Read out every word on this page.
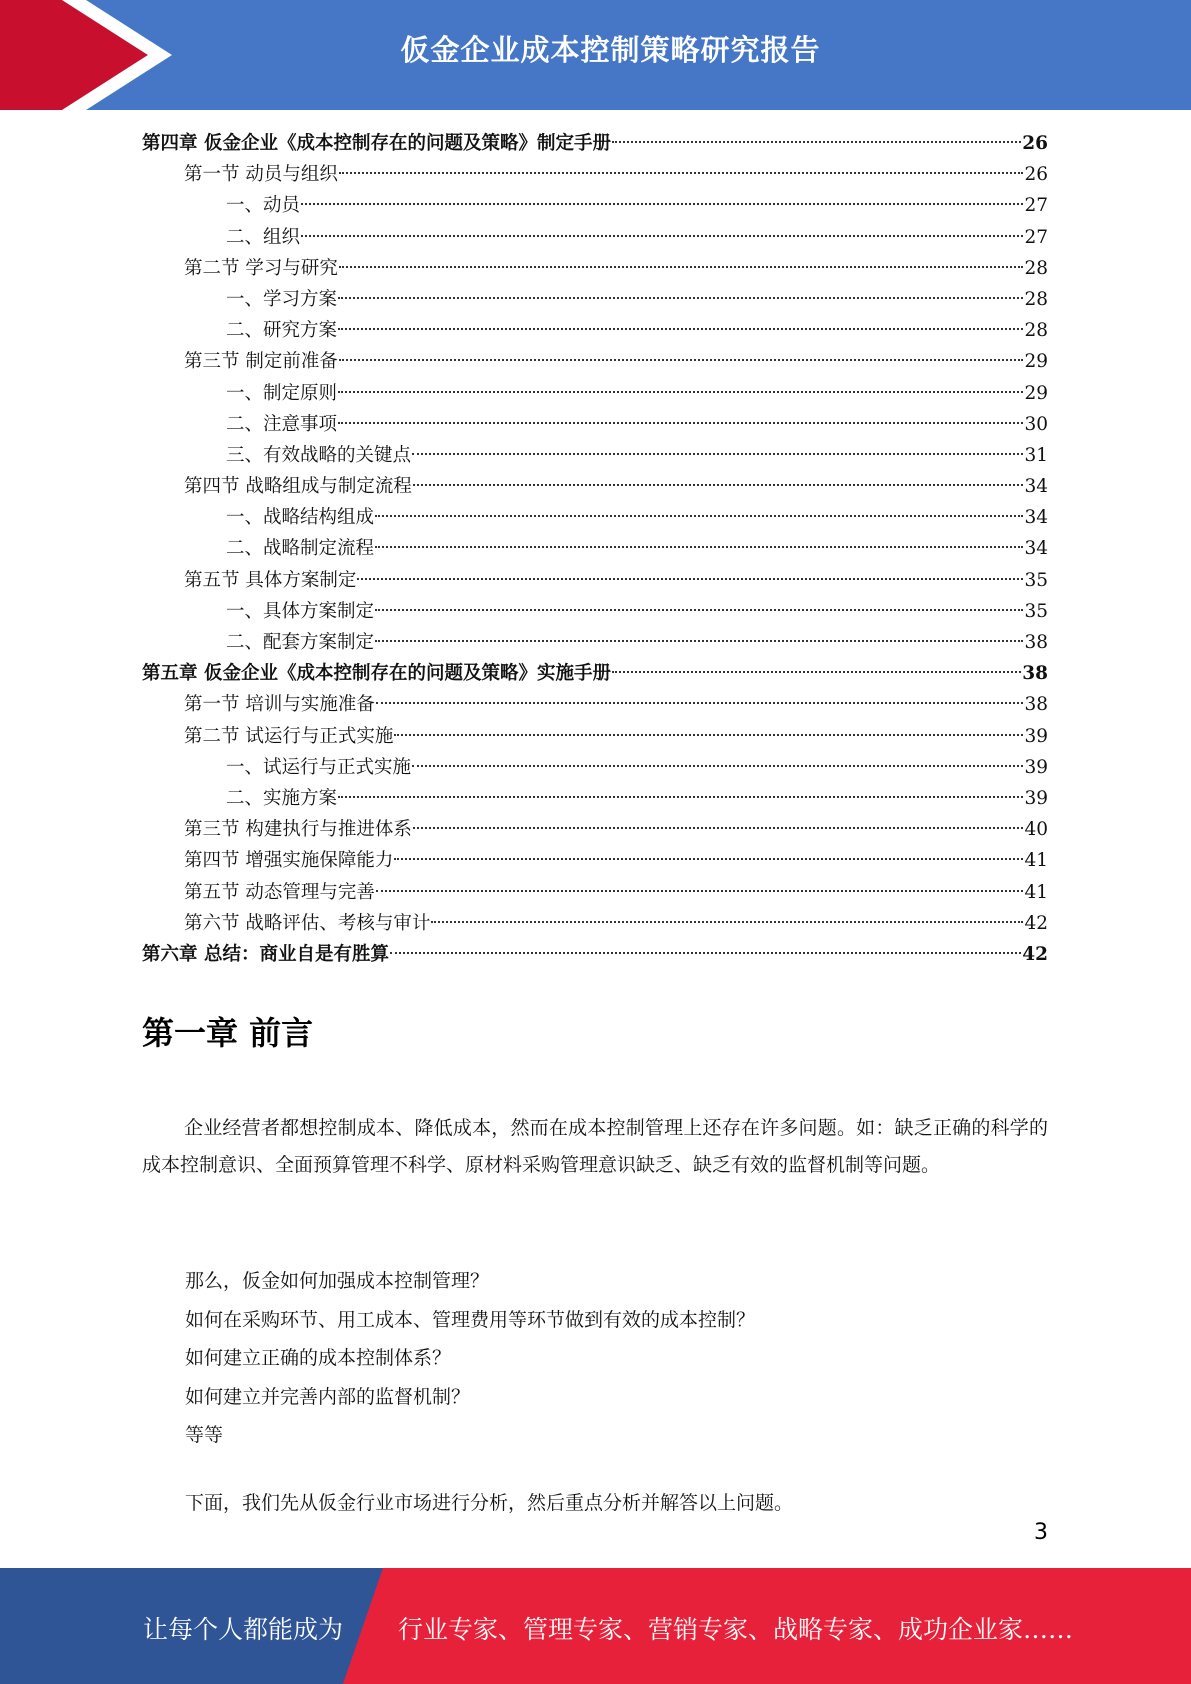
仮金企业成本控制策略研究报告
第四章 仮金企业《成本控制存在的问题及策略》制定手册	26
第一节 动员与组织	26
一、动员	27
二、组织	27
第二节 学习与研究	28
一、学习方案	28
二、研究方案	28
第三节 制定前准备	29
一、制定原则	29
二、注意事项	30
三、有效战略的关键点	31
第四节 战略组成与制定流程	34
一、战略结构组成	34
二、战略制定流程	34
第五节 具体方案制定	35
一、具体方案制定	35
二、配套方案制定	38
第五章 仮金企业《成本控制存在的问题及策略》实施手册	38
第一节 培训与实施准备	38
第二节 试运行与正式实施	39
一、试运行与正式实施	39
二、实施方案	39
第三节 构建执行与推进体系	40
第四节 增强实施保障能力	41
第五节 动态管理与完善	41
第六节 战略评估、考核与审计	42
第六章 总结：商业自是有胜算	42
第一章 前言
企业经营者都想控制成本、降低成本，然而在成本控制管理上还存在许多问题。如：缺乏正确的科学的成本控制意识、全面预算管理不科学、原材料采购管理意识缺乏、缺乏有效的监督机制等问题。
那么，仮金如何加强成本控制管理？
如何在采购环节、用工成本、管理费用等环节做到有效的成本控制？
如何建立正确的成本控制体系？
如何建立并完善内部的监督机制？
等等
下面，我们先从仮金行业市场进行分析，然后重点分析并解答以上问题。
3
让每个人都能成为 行业专家、管理专家、营销专家、战略专家、成功企业家……
